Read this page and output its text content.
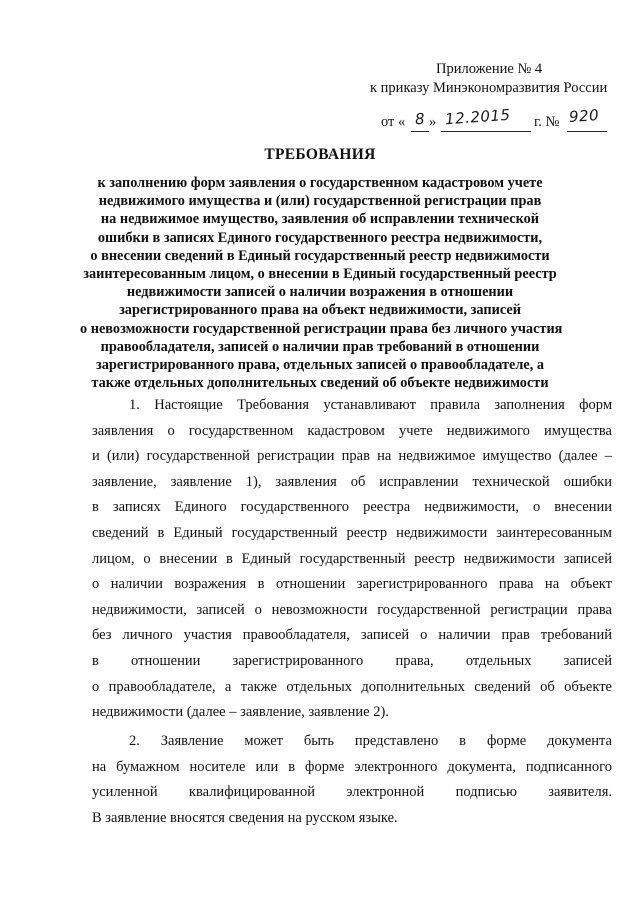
Приложение № 4
к приказу Минэкономразвития России
от « 8 » 12.2015 г. № 920
ТРЕБОВАНИЯ
к заполнению форм заявления о государственном кадастровом учете
недвижимого имущества и (или) государственной регистрации прав
на недвижимое имущество, заявления об исправлении технической
ошибки в записях Единого государственного реестра недвижимости,
о внесении сведений в Единый государственный реестр недвижимости
заинтересованным лицом, о внесении в Единый государственный реестр
недвижимости записей о наличии возражения в отношении
зарегистрированного права на объект недвижимости, записей
о невозможности государственной регистрации права без личного участия
правообладателя, записей о наличии прав требований в отношении
зарегистрированного права, отдельных записей о правообладателе, а
также отдельных дополнительных сведений об объекте недвижимости
1. Настоящие Требования устанавливают правила заполнения форм
заявления о государственном кадастровом учете недвижимого имущества
и (или) государственной регистрации прав на недвижимое имущество (далее –
заявление, заявление 1), заявления об исправлении технической ошибки
в записях Единого государственного реестра недвижимости, о внесении
сведений в Единый государственный реестр недвижимости заинтересованным
лицом, о внесении в Единый государственный реестр недвижимости записей
о наличии возражения в отношении зарегистрированного права на объект
недвижимости, записей о невозможности государственной регистрации права
без личного участия правообладателя, записей о наличии прав требований
в отношении зарегистрированного права, отдельных записей
о правообладателе, а также отдельных дополнительных сведений об объекте
недвижимости (далее – заявление, заявление 2).
2. Заявление может быть представлено в форме документа
на бумажном носителе или в форме электронного документа, подписанного
усиленной квалифицированной электронной подписью заявителя.
В заявление вносятся сведения на русском языке.
